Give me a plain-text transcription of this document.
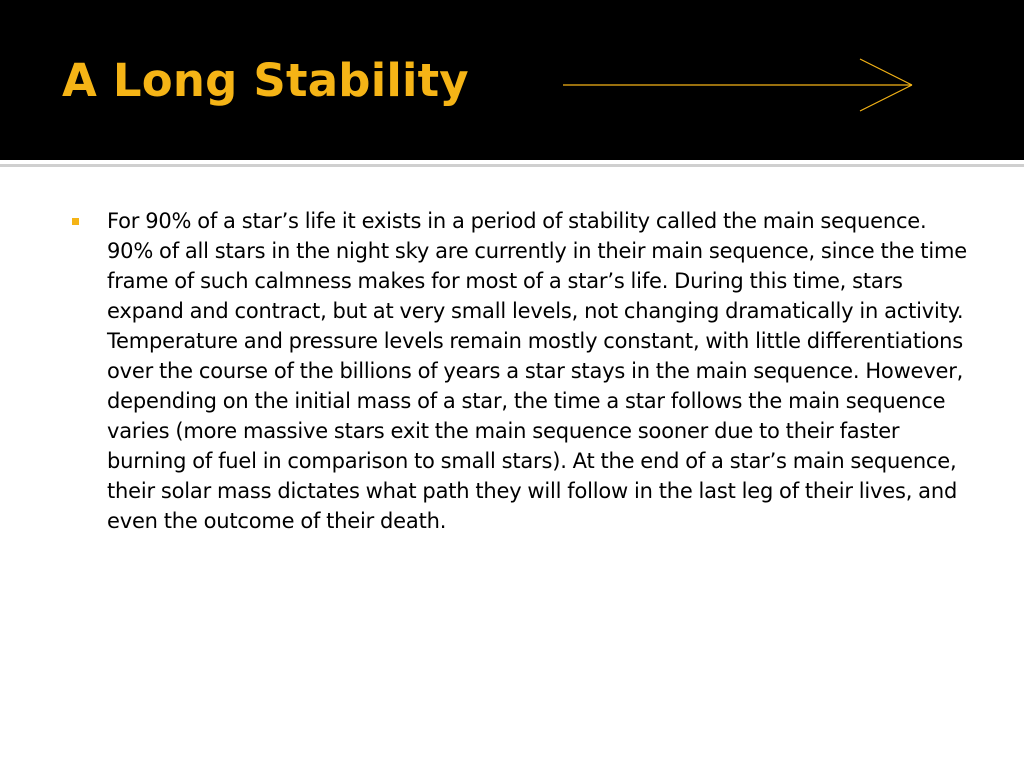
A Long Stability
For 90% of a star’s life it exists in a period of stability called the main sequence. 90% of all stars in the night sky are currently in their main sequence, since the time frame of such calmness makes for most of a star’s life. During this time, stars expand and contract, but at very small levels, not changing dramatically in activity. Temperature and pressure levels remain mostly constant, with little differentiations over the course of the billions of years a star stays in the main sequence. However, depending on the initial mass of a star, the time a star follows the main sequence varies (more massive stars exit the main sequence sooner due to their faster burning of fuel in comparison to small stars). At the end of a star’s main sequence, their solar mass dictates what path they will follow in the last leg of their lives, and even the outcome of their death.
